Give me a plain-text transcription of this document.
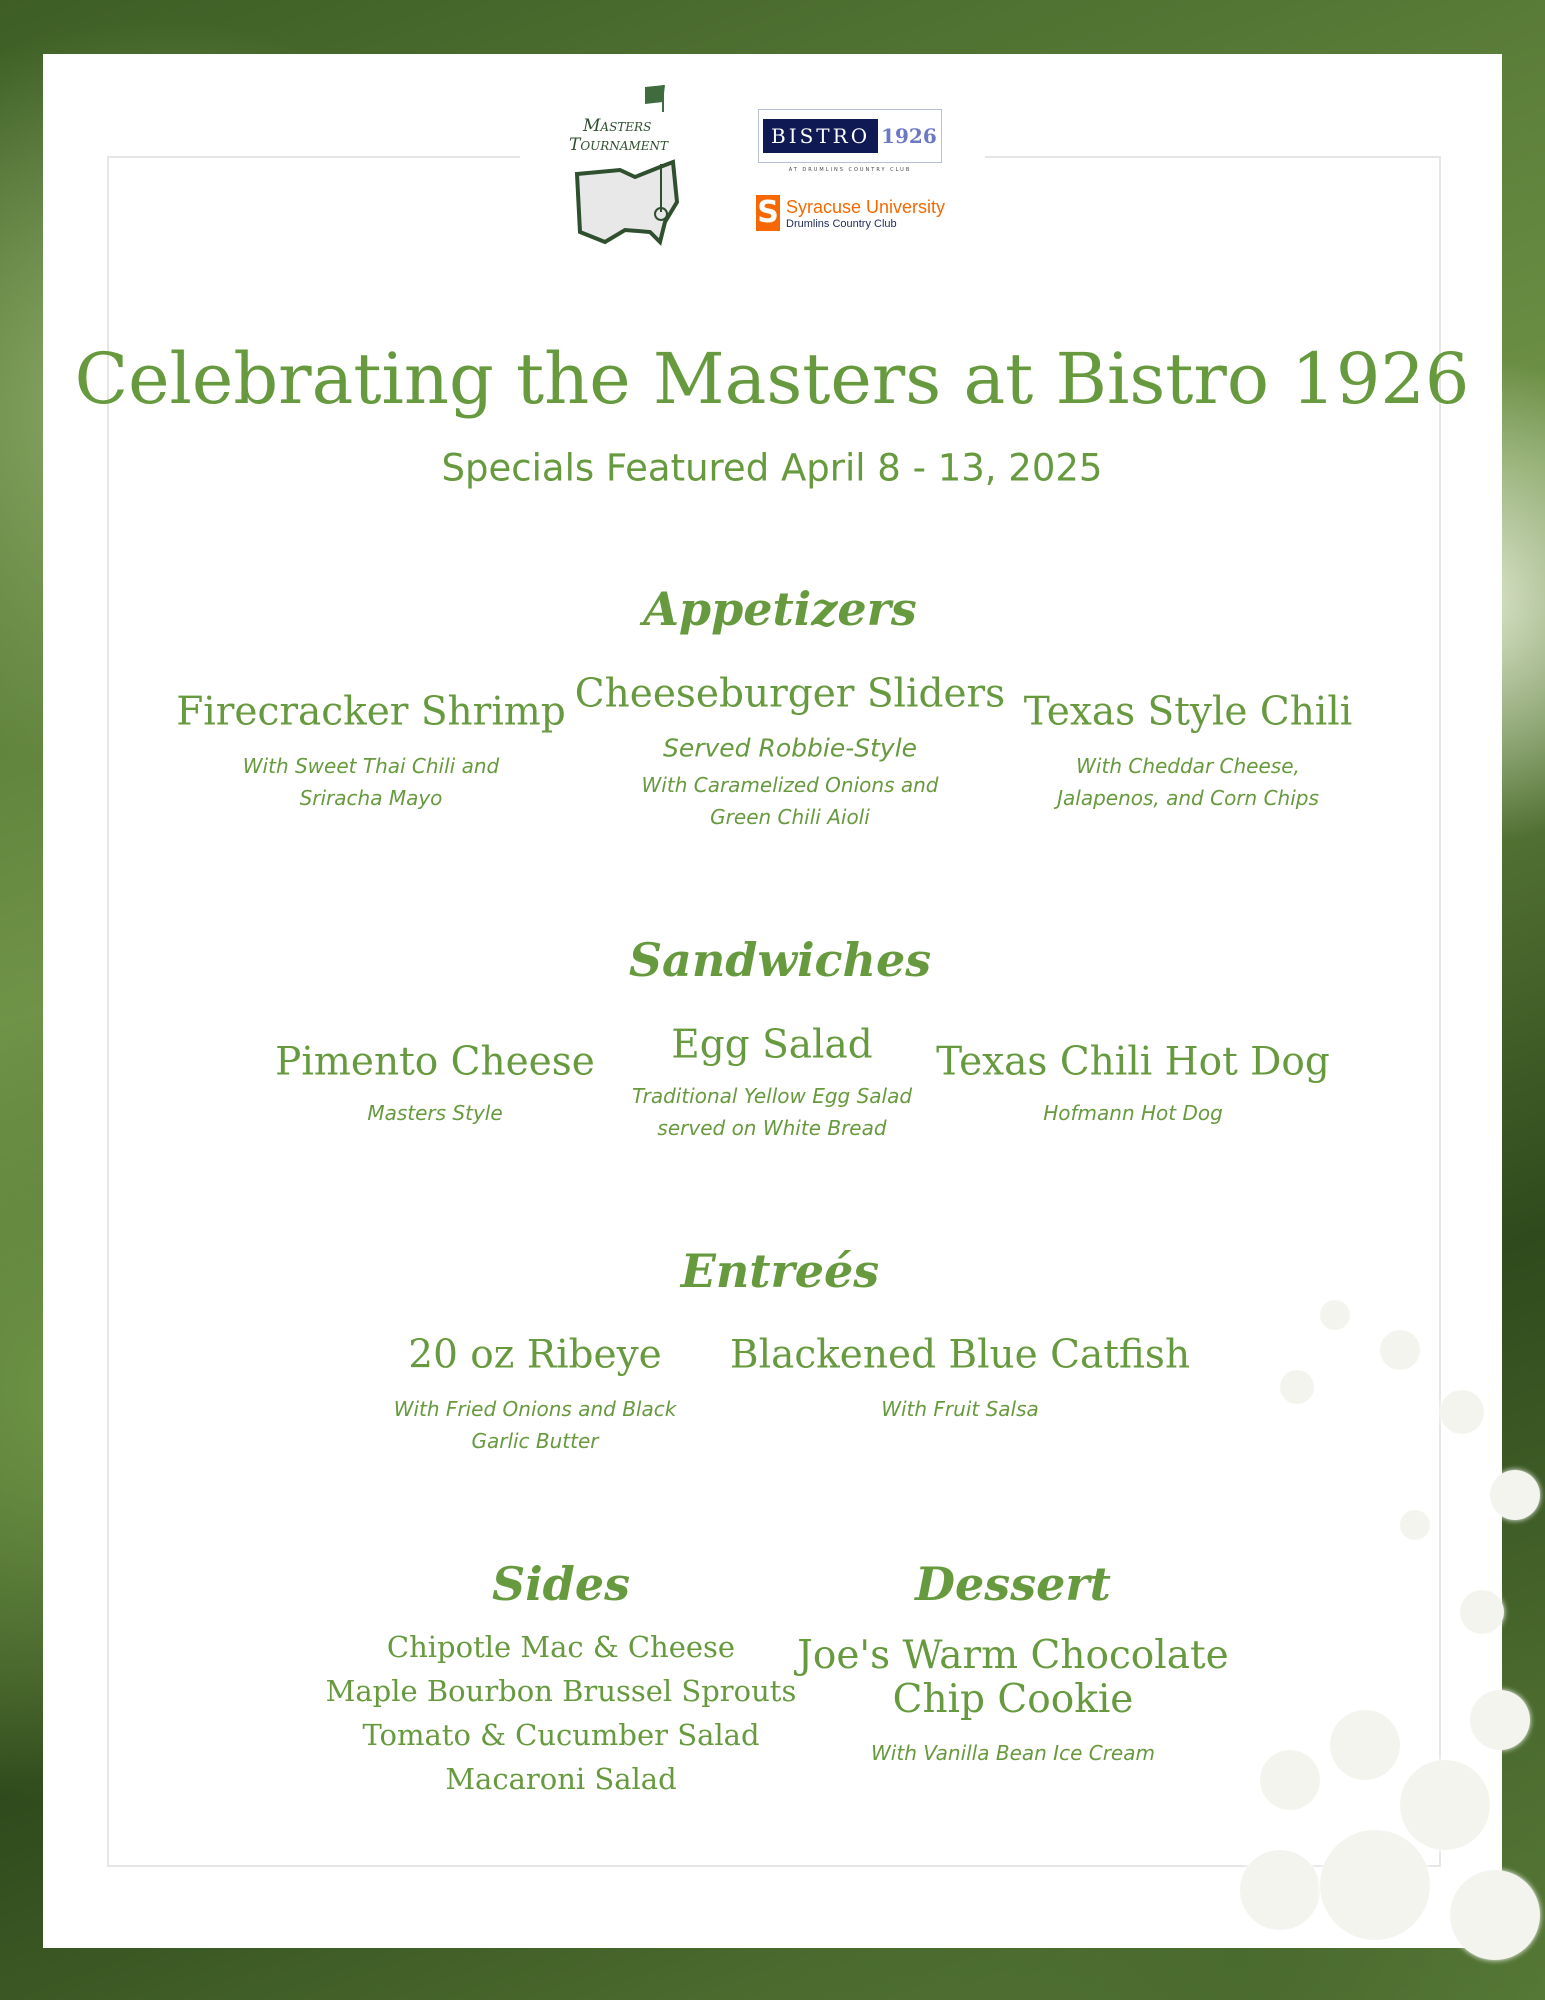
Masters
Tournament	BISTRO 1926
AT DRUMLINS COUNTRY CLUB
S Syracuse University
Drumlins Country Club
Celebrating the Masters at Bistro 1926
Specials Featured April 8 - 13, 2025
Appetizers
Firecracker Shrimp
With Sweet Thai Chili and
Sriracha Mayo
Cheeseburger Sliders
Served Robbie-Style
With Caramelized Onions and
Green Chili Aioli
Texas Style Chili
With Cheddar Cheese,
Jalapenos, and Corn Chips
Sandwiches
Pimento Cheese
Masters Style
Egg Salad
Traditional Yellow Egg Salad
served on White Bread
Texas Chili Hot Dog
Hofmann Hot Dog
Entreés
20 oz Ribeye
With Fried Onions and Black
Garlic Butter
Blackened Blue Catfish
With Fruit Salsa
Sides
Chipotle Mac & Cheese
Maple Bourbon Brussel Sprouts
Tomato & Cucumber Salad
Macaroni Salad
Dessert
Joe's Warm Chocolate
Chip Cookie
With Vanilla Bean Ice Cream
